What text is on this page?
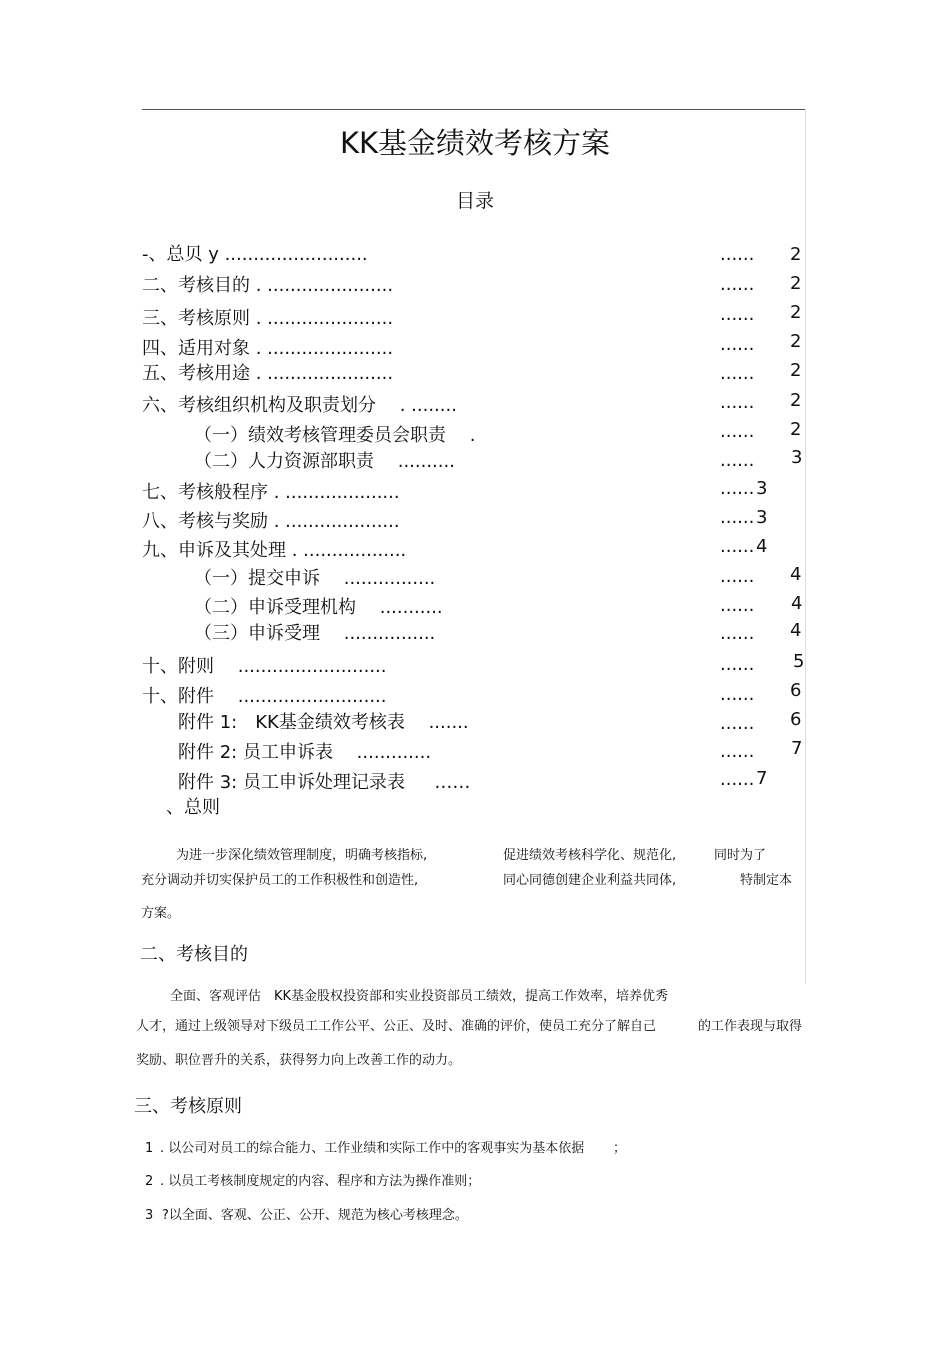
KK基金绩效考核方案
目录
-、总贝 y .........................	...... 2
二、考核目的 . ......................	...... 2
三、考核原则 . ......................	...... 2
四、适用对象 . ......................	...... 2
五、考核用途 . ......................	...... 2
六、考核组织机构及职责划分 　. ........	...... 2
（一）绩效考核管理委员会职责 　.	...... 2
（二）人力资源部职责 　..........	...... 3
七、考核般程序 . ....................	...... 3
八、考核与奖励 . ....................	...... 3
九、申诉及其处理 . ..................	...... 4
（一）提交申诉 　................	...... 4
（二）申诉受理机构 　...........	...... 4
（三）申诉受理 　................	...... 4
十、附则 　..........................	...... 5
十、附件 　..........................	...... 6
附件 1:　KK基金绩效考核表 　.......	...... 6
附件 2: 员工申诉表 　.............	...... 7
附件 3: 员工申诉处理记录表 　 ……	...... 7
、总则
为进一步深化绩效管理制度，明确考核指标,	促进绩效考核科学化、规范化,	同时为了
充分调动并切实保护员工的工作积极性和创造性,	同心同德创建企业利益共同体,	特制定本
方案。
二、考核目的
全面、客观评估　KK基金股权投资部和实业投资部员工绩效，提高工作效率，培养优秀
人才，通过上级领导对下级员工工作公平、公正、及时、准确的评价，使员工充分了解自己	的工作表现与取得
奖励、职位晋升的关系，获得努力向上改善工作的动力。
三、考核原则
1 . 以公司对员工的综合能力、工作业绩和实际工作中的客观事实为基本依据 ；
2 . 以员工考核制度规定的内容、程序和方法为操作准则；
3 ?以全面、客观、公正、公开、规范为核心考核理念。
